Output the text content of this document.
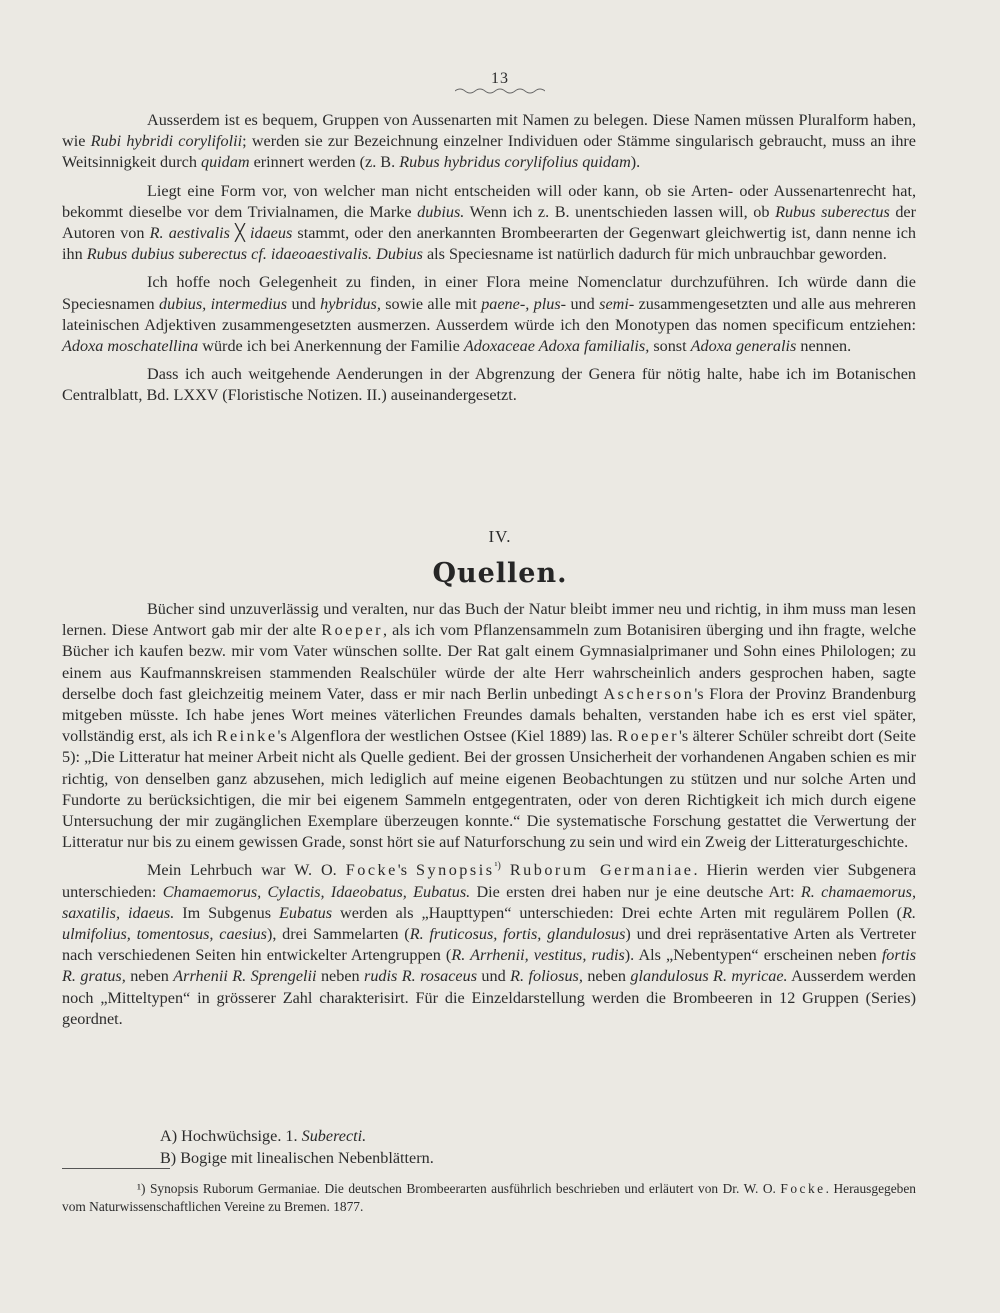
13

Ausserdem ist es bequem, Gruppen von Aussenarten mit Namen zu belegen. Diese Namen müssen Pluralform haben, wie Rubi hybridi corylifolii; werden sie zur Bezeichnung einzelner Individuen oder Stämme singularisch gebraucht, muss an ihre Weitsinnigkeit durch quidam erinnert werden (z. B. Rubus hybridus corylifolius quidam).

Liegt eine Form vor, von welcher man nicht entscheiden will oder kann, ob sie Arten- oder Aussenartenrecht hat, bekommt dieselbe vor dem Trivialnamen, die Marke dubius. Wenn ich z. B. unentschieden lassen will, ob Rubus suberectus der Autoren von R. aestivalis ╳ idaeus stammt, oder den anerkannten Brombeerarten der Gegenwart gleichwertig ist, dann nenne ich ihn Rubus dubius suberectus cf. idaeoaestivalis. Dubius als Speciesname ist natürlich dadurch für mich unbrauchbar geworden.

Ich hoffe noch Gelegenheit zu finden, in einer Flora meine Nomenclatur durchzuführen. Ich würde dann die Speciesnamen dubius, intermedius und hybridus, sowie alle mit paene-, plus- und semi- zusammengesetzten und alle aus mehreren lateinischen Adjektiven zusammengesetzten ausmerzen. Ausserdem würde ich den Monotypen das nomen specificum entziehen: Adoxa moschatellina würde ich bei Anerkennung der Familie Adoxaceae Adoxa familialis, sonst Adoxa generalis nennen.

Dass ich auch weitgehende Aenderungen in der Abgrenzung der Genera für nötig halte, habe ich im Botanischen Centralblatt, Bd. LXXV (Floristische Notizen. II.) auseinandergesetzt.

IV.
Quellen.

Bücher sind unzuverlässig und veralten, nur das Buch der Natur bleibt immer neu und richtig, in ihm muss man lesen lernen. Diese Antwort gab mir der alte Roeper, als ich vom Pflanzensammeln zum Botanisiren überging und ihn fragte, welche Bücher ich kaufen bezw. mir vom Vater wünschen sollte. Der Rat galt einem Gymnasialprimaner und Sohn eines Philologen; zu einem aus Kaufmannskreisen stammenden Realschüler würde der alte Herr wahrscheinlich anders gesprochen haben, sagte derselbe doch fast gleichzeitig meinem Vater, dass er mir nach Berlin unbedingt Ascherson's Flora der Provinz Brandenburg mitgeben müsste. Ich habe jenes Wort meines väterlichen Freundes damals behalten, verstanden habe ich es erst viel später, vollständig erst, als ich Reinke's Algenflora der westlichen Ostsee (Kiel 1889) las. Roeper's älterer Schüler schreibt dort (Seite 5): „Die Litteratur hat meiner Arbeit nicht als Quelle gedient. Bei der grossen Unsicherheit der vorhandenen Angaben schien es mir richtig, von denselben ganz abzusehen, mich lediglich auf meine eigenen Beobachtungen zu stützen und nur solche Arten und Fundorte zu berücksichtigen, die mir bei eigenem Sammeln entgegentraten, oder von deren Richtigkeit ich mich durch eigene Untersuchung der mir zugänglichen Exemplare überzeugen konnte.“ Die systematische Forschung gestattet die Verwertung der Litteratur nur bis zu einem gewissen Grade, sonst hört sie auf Naturforschung zu sein und wird ein Zweig der Litteraturgeschichte.

Mein Lehrbuch war W. O. Focke's Synopsis$^{^1)}$ Ruborum Germaniae. Hierin werden vier Subgenera unterschieden: Chamaemorus, Cylactis, Idaeobatus, Eubatus. Die ersten drei haben nur je eine deutsche Art: R. chamaemorus, saxatilis, idaeus. Im Subgenus Eubatus werden als „Haupttypen“ unterschieden: Drei echte Arten mit regulärem Pollen (R. ulmifolius, tomentosus, caesius), drei Sammelarten (R. fruticosus, fortis, glandulosus) und drei repräsentative Arten als Vertreter nach verschiedenen Seiten hin entwickelter Artengruppen (R. Arrhenii, vestitus, rudis). Als „Nebentypen“ erscheinen neben fortis R. gratus, neben Arrhenii R. Sprengelii neben rudis R. rosaceus und R. foliosus, neben glandulosus R. myricae. Ausserdem werden noch „Mitteltypen“ in grösserer Zahl charakterisirt. Für die Einzeldarstellung werden die Brombeeren in 12 Gruppen (Series) geordnet.

A) Hochwüchsige. 1. Suberecti.
B) Bogige mit linealischen Nebenblättern.

¹) Synopsis Ruborum Germaniae. Die deutschen Brombeerarten ausführlich beschrieben und erläutert von Dr. W. O. Focke. Herausgegeben vom Naturwissenschaftlichen Vereine zu Bremen. 1877.
